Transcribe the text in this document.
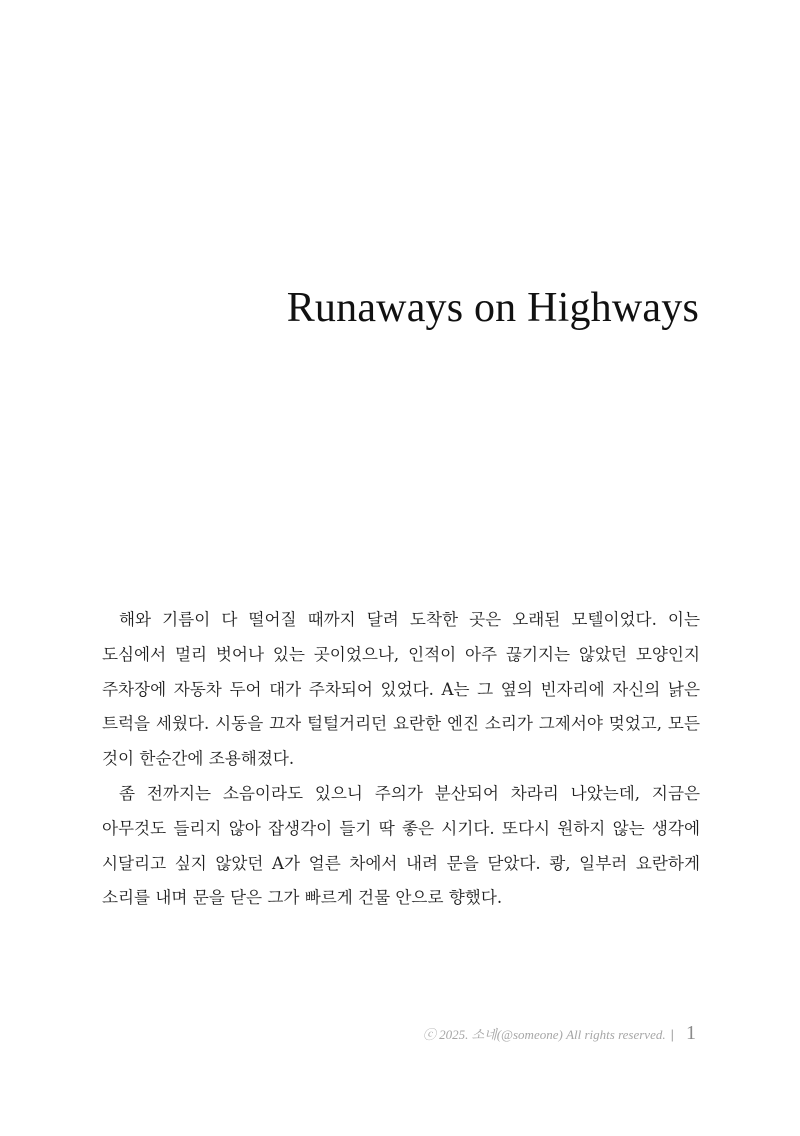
Runaways on Highways

해와 기름이 다 떨어질 때까지 달려 도착한 곳은 오래된 모텔이었다. 이는 도심에서 멀리 벗어나 있는 곳이었으나, 인적이 아주 끊기지는 않았던 모양인지 주차장에 자동차 두어 대가 주차되어 있었다. A는 그 옆의 빈자리에 자신의 낡은 트럭을 세웠다. 시동을 끄자 털털거리던 요란한 엔진 소리가 그제서야 멎었고, 모든 것이 한순간에 조용해졌다.

좀 전까지는 소음이라도 있으니 주의가 분산되어 차라리 나았는데, 지금은 아무것도 들리지 않아 잡생각이 들기 딱 좋은 시기다. 또다시 원하지 않는 생각에 시달리고 싶지 않았던 A가 얼른 차에서 내려 문을 닫았다. 쾅, 일부러 요란하게 소리를 내며 문을 닫은 그가 빠르게 건물 안으로 향했다.

ⓒ 2025. 소네(@someone) All rights reserved. | 1
